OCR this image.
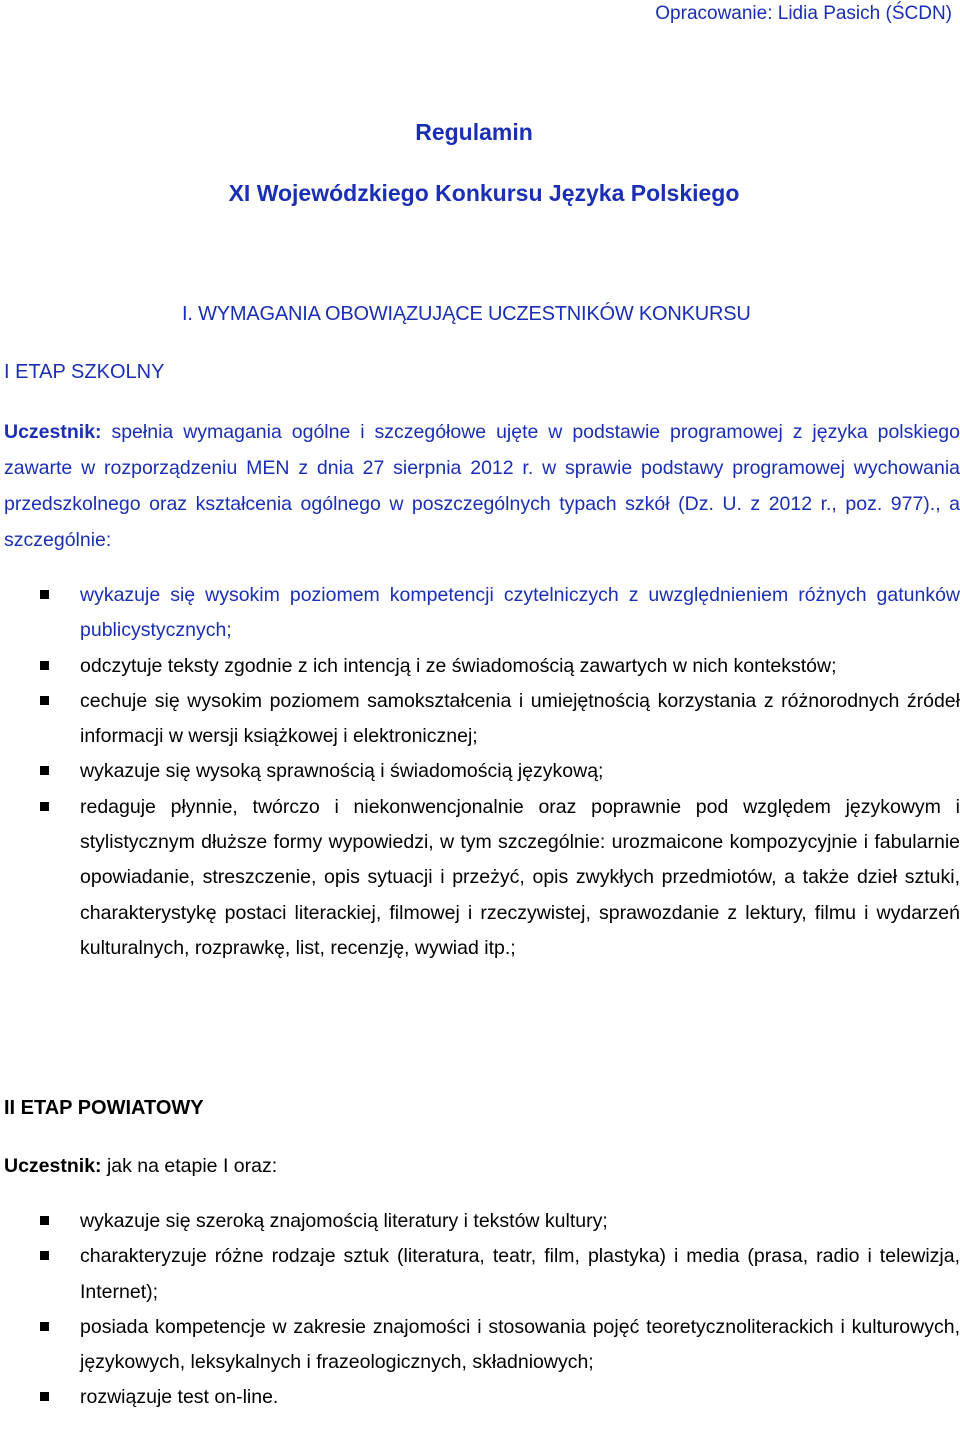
Opracowanie: Lidia Pasich (ŚCDN)
Regulamin
XI Wojewódzkiego Konkursu Języka Polskiego
I. WYMAGANIA OBOWIĄZUJĄCE UCZESTNIKÓW KONKURSU
I ETAP SZKOLNY
Uczestnik: spełnia wymagania ogólne i szczegółowe ujęte w podstawie programowej z języka polskiego zawarte w rozporządzeniu MEN z dnia 27 sierpnia 2012 r. w sprawie podstawy programowej wychowania przedszkolnego oraz kształcenia ogólnego w poszczególnych typach szkół (Dz. U. z 2012 r., poz. 977)., a szczególnie:
wykazuje się wysokim poziomem kompetencji czytelniczych z uwzględnieniem różnych gatunków publicystycznych;
odczytuje teksty zgodnie z ich intencją i ze świadomością zawartych w nich kontekstów;
cechuje się wysokim poziomem samokształcenia i umiejętnością korzystania z różnorodnych źródeł informacji w wersji książkowej i elektronicznej;
wykazuje się wysoką sprawnością i świadomością językową;
redaguje płynnie, twórczo i niekonwencjonalnie oraz poprawnie pod względem językowym i stylistycznym dłuższe formy wypowiedzi, w tym szczególnie: urozmaicone kompozycyjnie i fabularnie opowiadanie, streszczenie, opis sytuacji i przeżyć, opis zwykłych przedmiotów, a także dzieł sztuki, charakterystykę postaci literackiej, filmowej i rzeczywistej, sprawozdanie z lektury, filmu i wydarzeń kulturalnych, rozprawkę, list, recenzję, wywiad itp.;
II ETAP POWIATOWY
Uczestnik: jak na etapie I oraz:
wykazuje się szeroką znajomością literatury i tekstów kultury;
charakteryzuje różne rodzaje sztuk (literatura, teatr, film, plastyka) i media (prasa, radio i telewizja, Internet);
posiada kompetencje w zakresie znajomości i stosowania pojęć teoretycznoliterackich i kulturowych, językowych, leksykalnych i frazeologicznych, składniowych;
rozwiązuje test on-line.
